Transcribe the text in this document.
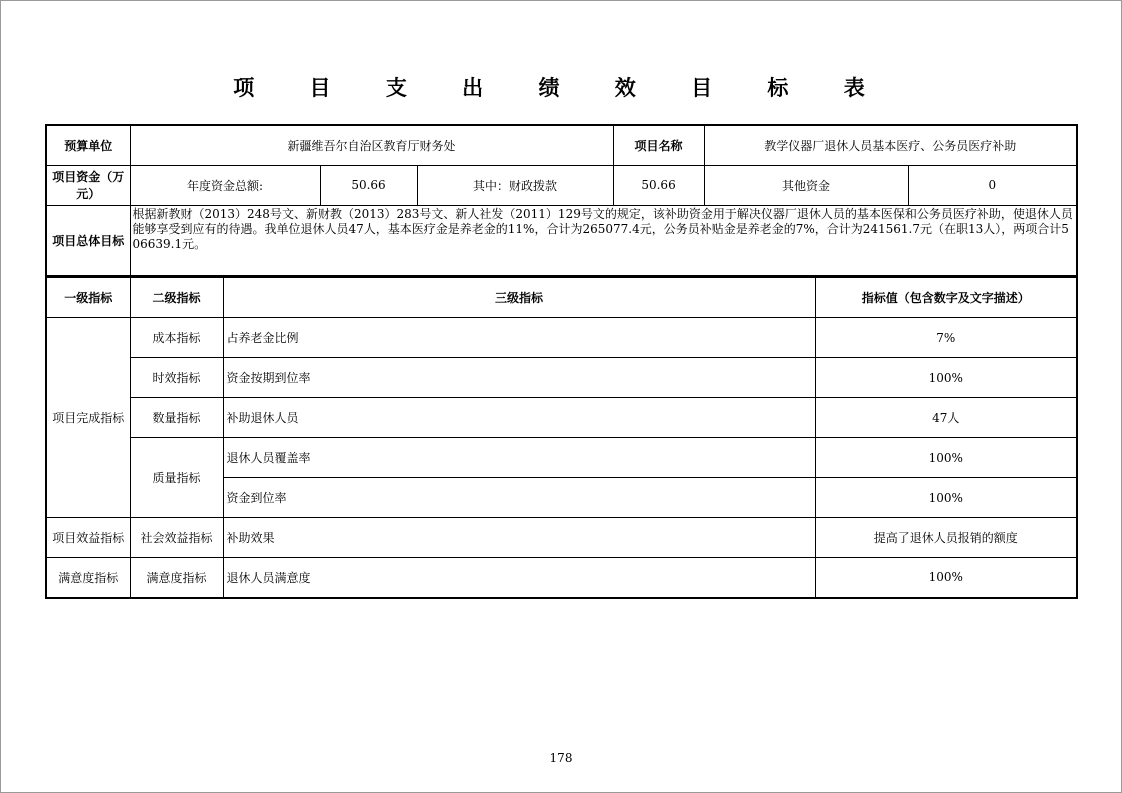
项 目 支 出 绩 效 目 标 表
预算单位	新疆维吾尔自治区教育厅财务处			项目名称	教学仪器厂退休人员基本医疗、公务员医疗补助	
项目资金（万元）	年度资金总额:	50.66	其中：财政拨款	50.66	其他资金	0
项目总体目标	根据新教财（2013）248号文、新财教（2013）283号文、新人社发（2011）129号文的规定，该补助资金用于解决仪器厂退休人员的基本医保和公务员医疗补助，使退休人员能够享受到应有的待遇。我单位退休人员47人，基本医疗金是养老金的11%，合计为265077.4元，公务员补贴金是养老金的7%，合计为241561.7元（在职13人），两项合计506639.1元。					
一级指标	二级指标	三级指标	指标值（包含数字及文字描述）
项目完成指标	成本指标	占养老金比例	7%
	时效指标	资金按期到位率	100%
	数量指标	补助退休人员	47人
	质量指标	退休人员覆盖率	100%
		资金到位率	100%
项目效益指标	社会效益指标	补助效果	提高了退休人员报销的额度
满意度指标	满意度指标	退休人员满意度	100%
178
